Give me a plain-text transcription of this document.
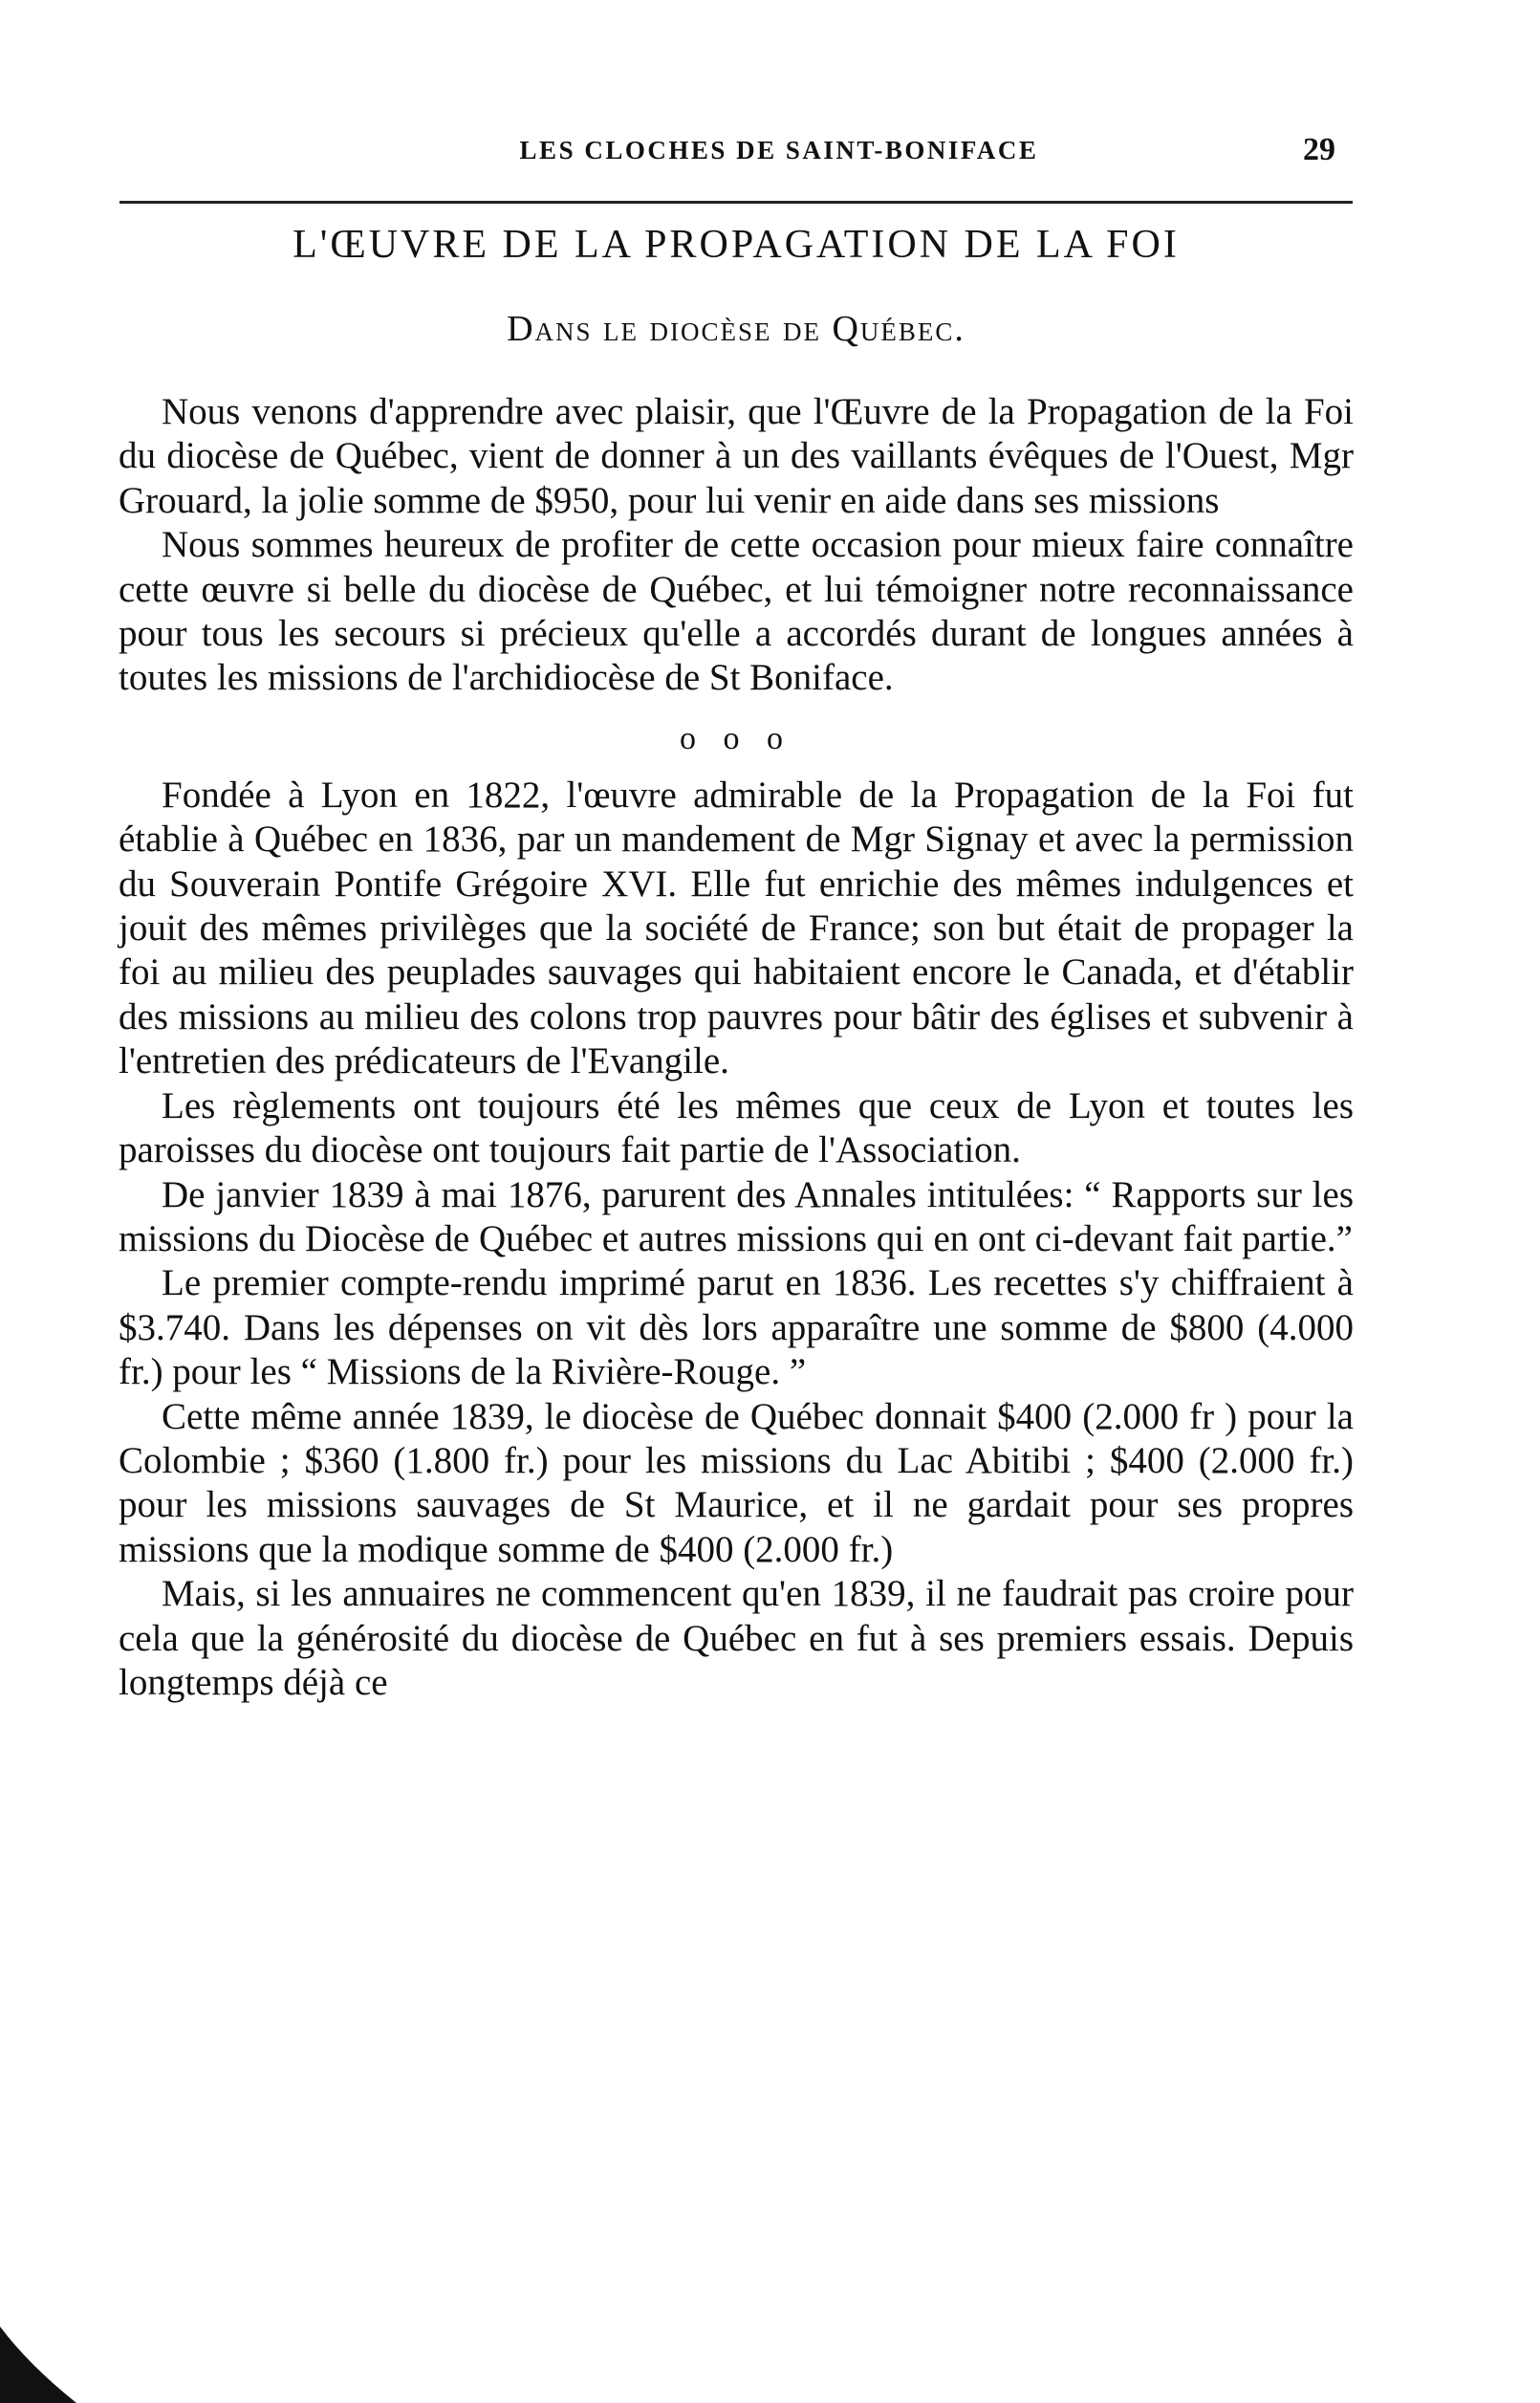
LES CLOCHES DE SAINT-BONIFACE	29
L'ŒUVRE DE LA PROPAGATION DE LA FOI
Dans le diocèse de Québec.

Nous venons d'apprendre avec plaisir, que l'Œuvre de la Propagation de la Foi du diocèse de Québec, vient de donner à un des vaillants évêques de l'Ouest, Mgr Grouard, la jolie somme de $950, pour lui venir en aide dans ses missions

Nous sommes heureux de profiter de cette occasion pour mieux faire connaître cette œuvre si belle du diocèse de Québec, et lui témoigner notre reconnaissance pour tous les secours si précieux qu'elle a accordés durant de longues années à toutes les missions de l'archidiocèse de St Boniface.

o o o

Fondée à Lyon en 1822, l'œuvre admirable de la Propagation de la Foi fut établie à Québec en 1836, par un mandement de Mgr Signay et avec la permission du Souverain Pontife Grégoire XVI. Elle fut enrichie des mêmes indulgences et jouit des mêmes privilèges que la société de France; son but était de propager la foi au milieu des peuplades sauvages qui habitaient encore le Canada, et d'établir des missions au milieu des colons trop pauvres pour bâtir des églises et subvenir à l'entretien des prédicateurs de l'Evangile.

Les règlements ont toujours été les mêmes que ceux de Lyon et toutes les paroisses du diocèse ont toujours fait partie de l'Association.

De janvier 1839 à mai 1876, parurent des Annales intitulées: “ Rapports sur les missions du Diocèse de Québec et autres missions qui en ont ci-devant fait partie.”

Le premier compte-rendu imprimé parut en 1836. Les recettes s'y chiffraient à $3.740. Dans les dépenses on vit dès lors apparaître une somme de $800 (4.000 fr.) pour les “ Missions de la Rivière-Rouge. ”

Cette même année 1839, le diocèse de Québec donnait $400 (2.000 fr ) pour la Colombie ; $360 (1.800 fr.) pour les missions du Lac Abitibi ; $400 (2.000 fr.) pour les missions sauvages de St Maurice, et il ne gardait pour ses propres missions que la modique somme de $400 (2.000 fr.)

Mais, si les annuaires ne commencent qu'en 1839, il ne faudrait pas croire pour cela que la générosité du diocèse de Québec en fut à ses premiers essais. Depuis longtemps déjà ce
